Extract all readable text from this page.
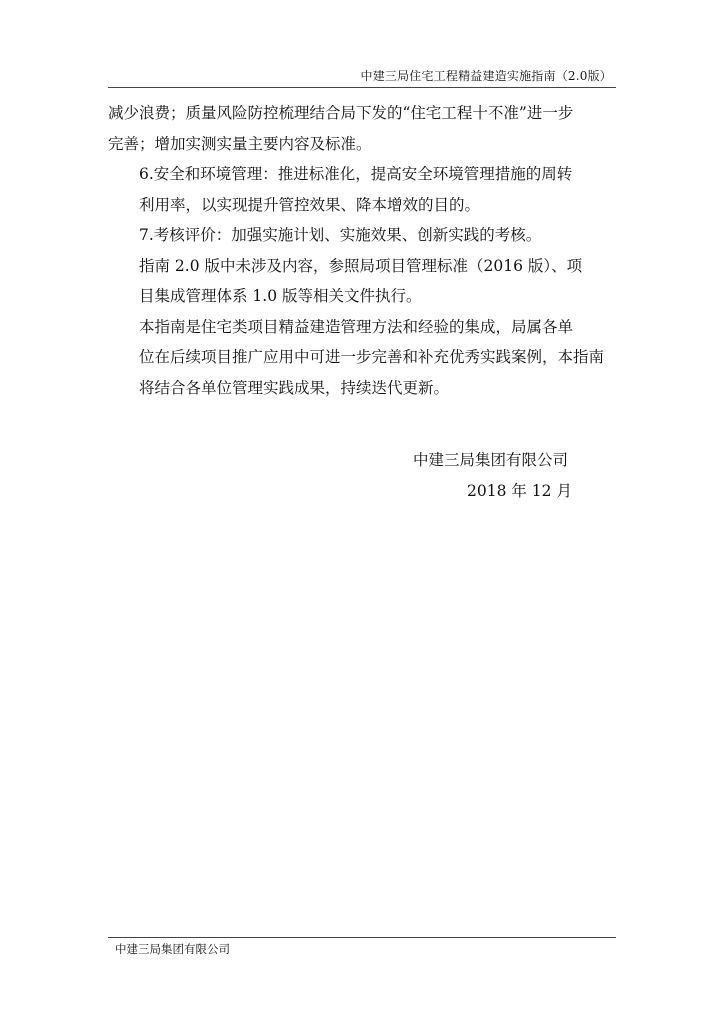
中建三局住宅工程精益建造实施指南（2.0版）

减少浪费；质量风险防控梳理结合局下发的“住宅工程十不准”进一步
完善；增加实测实量主要内容及标准。

6.安全和环境管理：推进标准化，提高安全环境管理措施的周转
利用率，以实现提升管控效果、降本增效的目的。

7.考核评价：加强实施计划、实施效果、创新实践的考核。

指南 2.0 版中未涉及内容，参照局项目管理标准（2016 版）、项
目集成管理体系 1.0 版等相关文件执行。

本指南是住宅类项目精益建造管理方法和经验的集成，局属各单
位在后续项目推广应用中可进一步完善和补充优秀实践案例，本指南
将结合各单位管理实践成果，持续迭代更新。

中建三局集团有限公司
2018 年 12 月
中建三局集团有限公司
